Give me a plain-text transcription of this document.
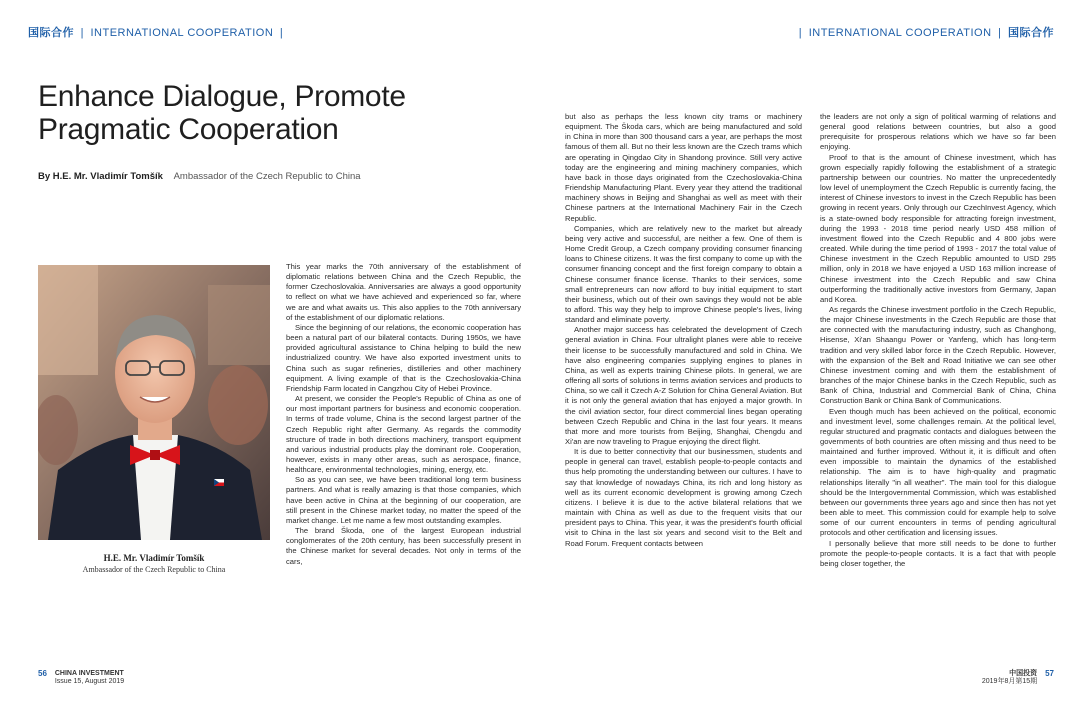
国际合作 | INTERNATIONAL COOPERATION |	| INTERNATIONAL COOPERATION | 国际合作
Enhance Dialogue, Promote
Pragmatic Cooperation
By H.E. Mr. Vladimír Tomšík Ambassador of the Czech Republic to China
H.E. Mr. Vladimír Tomšík
Ambassador of the Czech Republic to China

This year marks the 70th anniversary of the establishment of diplomatic relations between China and the Czech Republic, the former Czechoslovakia. Anniversaries are always a good opportunity to reflect on what we have achieved and experienced so far, where we are and what awaits us. This also applies to the 70th anniversary of the establishment of our diplomatic relations.

Since the beginning of our relations, the economic cooperation has been a natural part of our bilateral contacts. During 1950s, we have provided agricultural assistance to China helping to build the new industrialized country. We have also exported investment units to China such as sugar refineries, distilleries and other machinery equipment. A living example of that is the Czechoslovakia-China Friendship Farm located in Cangzhou City of Hebei Province.

At present, we consider the People's Republic of China as one of our most important partners for business and economic cooperation. In terms of trade volume, China is the second largest partner of the Czech Republic right after Germany. As regards the commodity structure of trade in both directions machinery, transport equipment and various industrial products play the dominant role. Cooperation, however, exists in many other areas, such as aerospace, finance, healthcare, environmental technologies, mining, energy, etc.

So as you can see, we have been traditional long term business partners. And what is really amazing is that those companies, which have been active in China at the beginning of our cooperation, are still present in the Chinese market today, no matter the speed of the market change. Let me name a few most outstanding examples.

The brand Škoda, one of the largest European industrial conglomerates of the 20th century, has been successfully present in the Chinese market for several decades. Not only in terms of the cars,

but also as perhaps the less known city trams or machinery equipment. The Škoda cars, which are being manufactured and sold in China in more than 300 thousand cars a year, are perhaps the most famous of them all. But no their less known are the Czech trams which are operating in Qingdao City in Shandong province. Still very active today are the engineering and mining machinery companies, which have back in those days originated from the Czechoslovakia-China Friendship Manufacturing Plant. Every year they attend the traditional machinery shows in Beijing and Shanghai as well as meet with their Chinese partners at the International Machinery Fair in the Czech Republic.

Companies, which are relatively new to the market but already being very active and successful, are neither a few. One of them is Home Credit Group, a Czech company providing consumer financing loans to Chinese citizens. It was the first company to come up with the consumer financing concept and the first foreign company to obtain a Chinese consumer finance license. Thanks to their services, some small entrepreneurs can now afford to buy initial equipment to start their business, which out of their own savings they would not be able to afford. This way they help to improve Chinese people's lives, living standard and eliminate poverty.

Another major success has celebrated the development of Czech general aviation in China. Four ultralight planes were able to receive their license to be successfully manufactured and sold in China. We have also engineering companies supplying engines to planes in China, as well as experts training Chinese pilots. In general, we are offering all sorts of solutions in terms aviation services and products to China, so we call it Czech A-Z Solution for China General Aviation. But it is not only the general aviation that has enjoyed a major growth. In the civil aviation sector, four direct commercial lines began operating between Czech Republic and China in the last four years. It means that more and more tourists from Beijing, Shanghai, Chengdu and Xi'an are now traveling to Prague enjoying the direct flight.

It is due to better connectivity that our businessmen, students and people in general can travel, establish people-to-people contacts and thus help promoting the understanding between our cultures. I have to say that knowledge of nowadays China, its rich and long history as well as its current economic development is growing among Czech citizens. I believe it is due to the active bilateral relations that we maintain with China as well as due to the frequent visits that our president pays to China. This year, it was the president's fourth official visit to China in the last six years and second visit to the Belt and Road Forum. Frequent contacts between

the leaders are not only a sign of political warming of relations and general good relations between countries, but also a good prerequisite for prosperous relations which we have so far been enjoying.

Proof to that is the amount of Chinese investment, which has grown especially rapidly following the establishment of a strategic partnership between our countries. No matter the unprecedentedly low level of unemployment the Czech Republic is currently facing, the interest of Chinese investors to invest in the Czech Republic has been growing in recent years. Only through our CzechInvest Agency, which is a state-owned body responsible for attracting foreign investment, during the 1993 - 2018 time period nearly USD 458 million of investment flowed into the Czech Republic and 4 800 jobs were created. While during the time period of 1993 - 2017 the total value of Chinese investment in the Czech Republic amounted to USD 295 million, only in 2018 we have enjoyed a USD 163 million increase of Chinese investment into the Czech Republic and saw China outperforming the traditionally active investors from Germany, Japan and Korea.

As regards the Chinese investment portfolio in the Czech Republic, the major Chinese investments in the Czech Republic are those that are connected with the manufacturing industry, such as Changhong, Hisense, Xi'an Shaangu Power or Yanfeng, which has long-term tradition and very skilled labor force in the Czech Republic. However, with the expansion of the Belt and Road Initiative we can see other Chinese investment coming and with them the establishment of branches of the major Chinese banks in the Czech Republic, such as Bank of China, Industrial and Commercial Bank of China, China Construction Bank or China Bank of Communications.

Even though much has been achieved on the political, economic and investment level, some challenges remain. At the political level, regular structured and pragmatic contacts and dialogues between the governments of both countries are often missing and thus need to be maintained and further improved. Without it, it is difficult and often even impossible to maintain the dynamics of the established relationship. The aim is to have high-quality and pragmatic relationships literally "in all weather". The main tool for this dialogue should be the Intergovernmental Commission, which was established between our governments three years ago and since then has not yet been able to meet. This commission could for example help to solve some of our current encounters in terms of pending agricultural protocols and other certification and licensing issues.

I personally believe that more still needs to be done to further promote the people-to-people contacts. It is a fact that with people being closer together, the

56 CHINA INVESTMENT
Issue 15, August 2019
中国投资
2019年8月第15期
57
